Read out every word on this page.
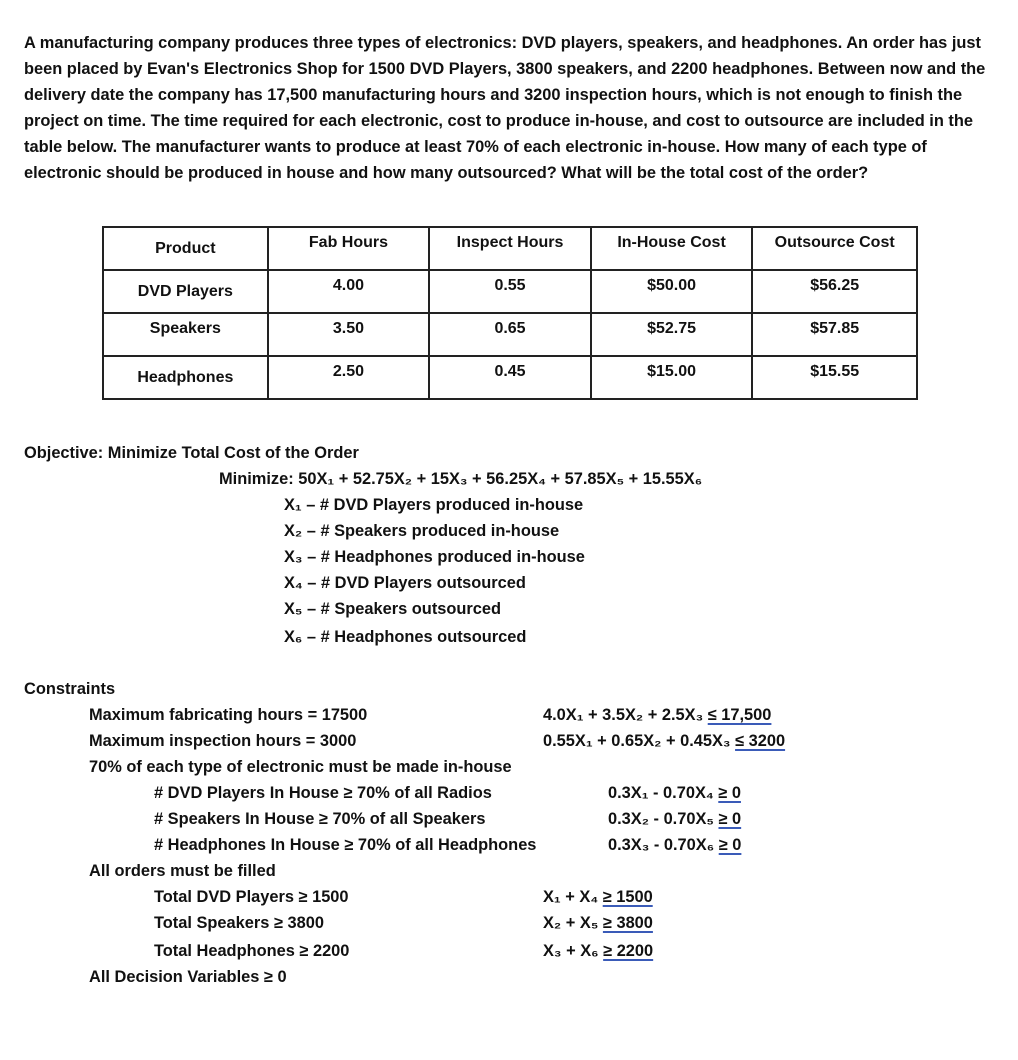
A manufacturing company produces three types of electronics: DVD players, speakers, and headphones. An order has just been placed by Evan's Electronics Shop for 1500 DVD Players, 3800 speakers, and 2200 headphones. Between now and the delivery date the company has 17,500 manufacturing hours and 3200 inspection hours, which is not enough to finish the project on time. The time required for each electronic, cost to produce in-house, and cost to outsource are included in the table below. The manufacturer wants to produce at least 70% of each electronic in-house. How many of each type of electronic should be produced in house and how many outsourced? What will be the total cost of the order?

Product	Fab Hours	Inspect Hours	In-House Cost	Outsource Cost
DVD Players	4.00	0.55	$50.00	$56.25
Speakers	3.50	0.65	$52.75	$57.85
Headphones	2.50	0.45	$15.00	$15.55
Objective: Minimize Total Cost of the Order
Minimize: 50X₁ + 52.75X₂ + 15X₃ + 56.25X₄ + 57.85X₅ + 15.55X₆
X₁ – # DVD Players produced in-house
X₂ – # Speakers produced in-house
X₃ – # Headphones produced in-house
X₄ – # DVD Players outsourced
X₅ – # Speakers outsourced
X₆ – # Headphones outsourced
Constraints
Maximum fabricating hours = 17500	4.0X₁ + 3.5X₂ + 2.5X₃ ≤ 17,500
Maximum inspection hours = 3000	0.55X₁ + 0.65X₂ + 0.45X₃ ≤ 3200
70% of each type of electronic must be made in-house
# DVD Players In House ≥ 70% of all Radios	0.3X₁ - 0.70X₄ ≥ 0
# Speakers In House ≥ 70% of all Speakers	0.3X₂ - 0.70X₅ ≥ 0
# Headphones In House ≥ 70% of all Headphones	0.3X₃ - 0.70X₆ ≥ 0
All orders must be filled
Total DVD Players ≥ 1500	X₁ + X₄ ≥ 1500
Total Speakers ≥ 3800	X₂ + X₅ ≥ 3800
Total Headphones ≥ 2200	X₃ + X₆ ≥ 2200
All Decision Variables ≥ 0
